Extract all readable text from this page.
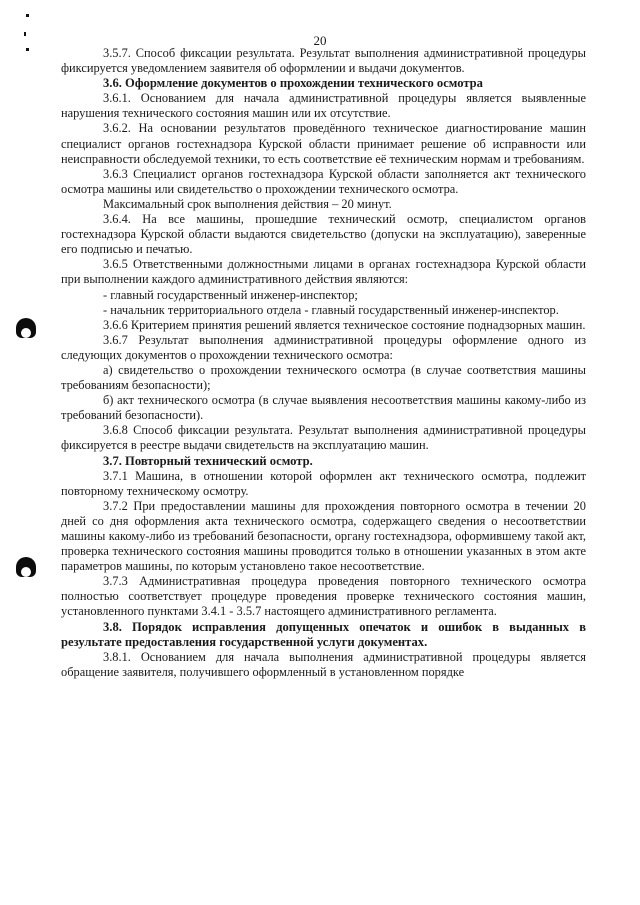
20

3.5.7. Способ фиксации результата. Результат выполнения административной процедуры фиксируется уведомлением заявителя об оформлении и выдачи документов.

3.6. Оформление документов о прохождении технического осмотра

3.6.1. Основанием для начала административной процедуры является выявленные нарушения технического состояния машин или их отсутствие.

3.6.2. На основании результатов проведённого техническое диагностирование машин специалист органов гостехнадзора Курской области принимает решение об исправности или неисправности обследуемой техники, то есть соответствие её техническим нормам и требованиям.

3.6.3 Специалист органов гостехнадзора Курской области заполняется акт технического осмотра машины или свидетельство о прохождении технического осмотра.

Максимальный срок выполнения действия – 20 минут.

3.6.4. На все машины, прошедшие технический осмотр, специалистом органов гостехнадзора Курской области выдаются свидетельство (допуски на эксплуатацию), заверенные его подписью и печатью.

3.6.5 Ответственными должностными лицами в органах гостехнадзора Курской области при выполнении каждого административного действия являются:

- главный государственный инженер-инспектор;

- начальник территориального отдела - главный государственный инженер-инспектор.

3.6.6 Критерием принятия решений является техническое состояние поднадзорных машин.

3.6.7 Результат выполнения административной процедуры оформление одного из следующих документов о прохождении технического осмотра:

а) свидетельство о прохождении технического осмотра (в случае соответствия машины требованиям безопасности);

б) акт технического осмотра (в случае выявления несоответствия машины какому-либо из требований безопасности).

3.6.8 Способ фиксации результата. Результат выполнения административной процедуры фиксируется в реестре выдачи свидетельств на эксплуатацию машин.

3.7. Повторный технический осмотр.

3.7.1 Машина, в отношении которой оформлен акт технического осмотра, подлежит повторному техническому осмотру.

3.7.2 При предоставлении машины для прохождения повторного осмотра в течении 20 дней со дня оформления акта технического осмотра, содержащего сведения о несоответствии машины какому-либо из требований безопасности, органу гостехнадзора, оформившему такой акт, проверка технического состояния машины проводится только в отношении указанных в этом акте параметров машины, по которым установлено такое несоответствие.

3.7.3 Административная процедура проведения повторного технического осмотра полностью соответствует процедуре проведения проверке технического состояния машин, установленного пунктами 3.4.1 - 3.5.7 настоящего административного регламента.

3.8. Порядок исправления допущенных опечаток и ошибок в выданных в результате предоставления государственной услуги документах.

3.8.1. Основанием для начала выполнения административной процедуры является обращение заявителя, получившего оформленный в установленном порядке
